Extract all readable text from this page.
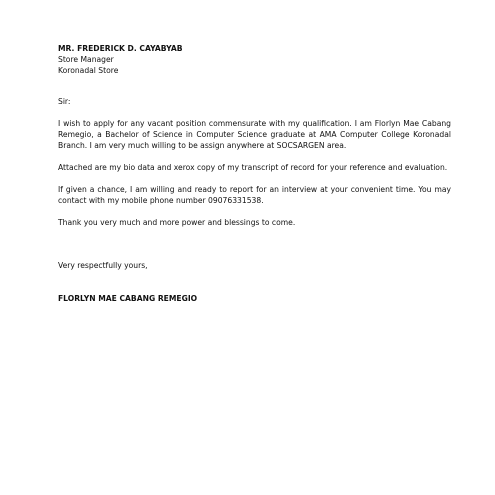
MR. FREDERICK D. CAYABYAB
Store Manager
Koronadal Store
Sir:

I wish to apply for any vacant position commensurate with my qualification. I am Florlyn Mae Cabang Remegio, a Bachelor of Science in Computer Science graduate at AMA Computer College Koronadal Branch. I am very much willing to be assign anywhere at SOCSARGEN area.

Attached are my bio data and xerox copy of my transcript of record for your reference and evaluation.

If given a chance, I am willing and ready to report for an interview at your convenient time. You may contact with my mobile phone number 09076331538.

Thank you very much and more power and blessings to come.

Very respectfully yours,
FLORLYN MAE CABANG REMEGIO
